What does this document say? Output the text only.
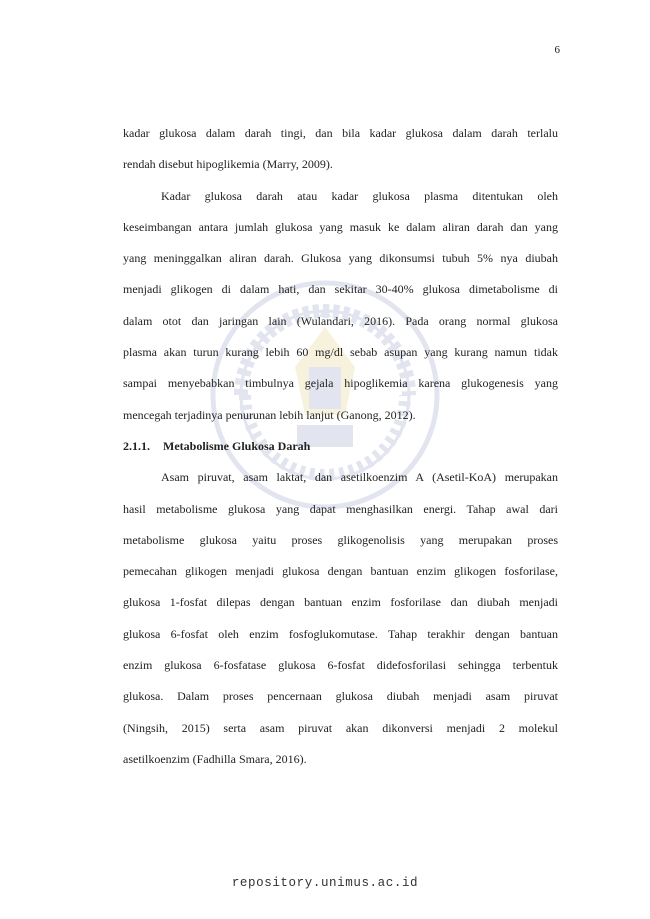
6
kadar glukosa dalam darah tingi, dan bila kadar glukosa dalam darah terlalu
rendah disebut hipoglikemia (Marry, 2009).
Kadar glukosa darah atau kadar glukosa plasma ditentukan oleh
keseimbangan antara jumlah glukosa yang masuk ke dalam aliran darah dan yang
yang meninggalkan aliran darah. Glukosa yang dikonsumsi tubuh 5% nya diubah
menjadi glikogen di dalam hati, dan sekitar 30-40% glukosa dimetabolisme di
dalam otot dan jaringan lain (Wulandari, 2016). Pada orang normal glukosa
plasma akan turun kurang lebih 60 mg/dl sebab asupan yang kurang namun tidak
sampai menyebabkan timbulnya gejala hipoglikemia karena glukogenesis yang
mencegah terjadinya penurunan lebih lanjut (Ganong, 2012).
2.1.1. Metabolisme Glukosa Darah
Asam piruvat, asam laktat, dan asetilkoenzim A (Asetil-KoA) merupakan
hasil metabolisme glukosa yang dapat menghasilkan energi. Tahap awal dari
metabolisme glukosa yaitu proses glikogenolisis yang merupakan proses
pemecahan glikogen menjadi glukosa dengan bantuan enzim glikogen fosforilase,
glukosa 1-fosfat dilepas dengan bantuan enzim fosforilase dan diubah menjadi
glukosa 6-fosfat oleh enzim fosfoglukomutase. Tahap terakhir dengan bantuan
enzim glukosa 6-fosfatase glukosa 6-fosfat didefosforilasi sehingga terbentuk
glukosa. Dalam proses pencernaan glukosa diubah menjadi asam piruvat
(Ningsih, 2015) serta asam piruvat akan dikonversi menjadi 2 molekul
asetilkoenzim (Fadhilla Smara, 2016).
repository.unimus.ac.id
